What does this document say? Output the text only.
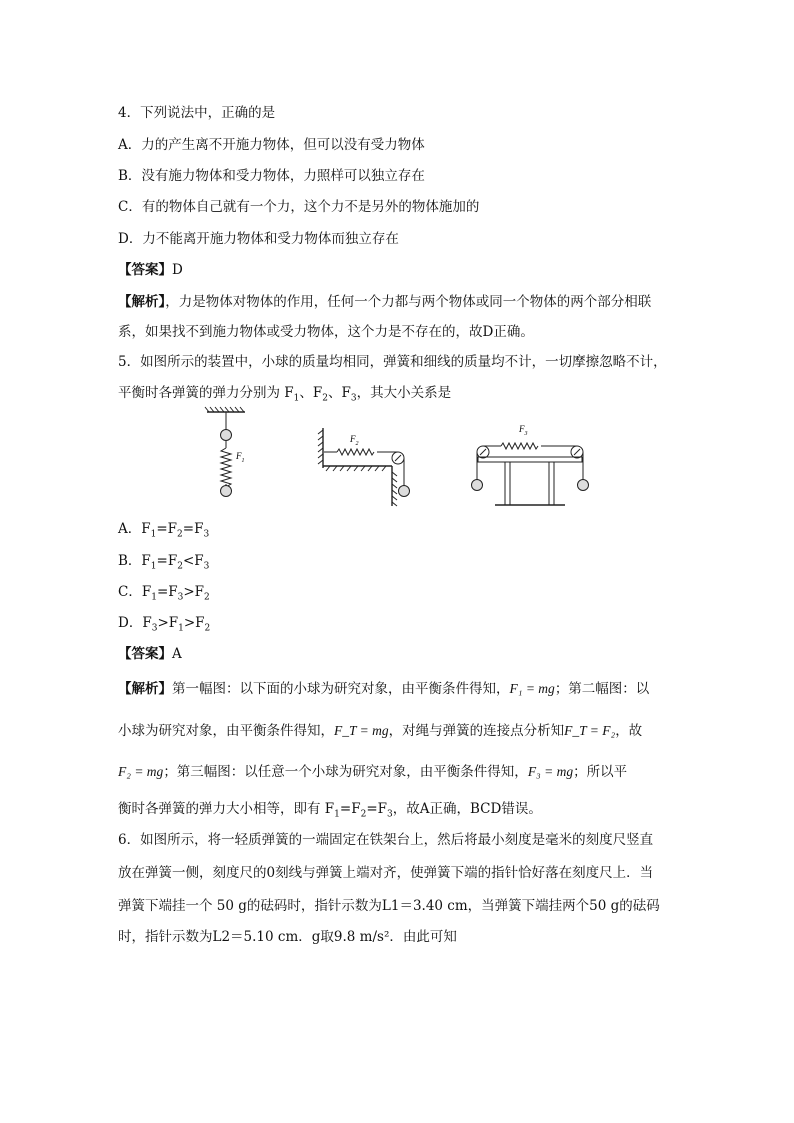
4．下列说法中，正确的是
A．力的产生离不开施力物体，但可以没有受力物体
B．没有施力物体和受力物体，力照样可以独立存在
C．有的物体自己就有一个力，这个力不是另外的物体施加的
D．力不能离开施力物体和受力物体而独立存在
【答案】D
【解析】，力是物体对物体的作用，任何一个力都与两个物体或同一个物体的两个部分相联
系，如果找不到施力物体或受力物体，这个力是不存在的，故D正确。
5．如图所示的装置中，小球的质量均相同，弹簧和细线的质量均不计，一切摩擦忽略不计，
平衡时各弹簧的弹力分别为 $F_1$、$F_2$、$F_3$，其大小关系是
$F_1$
$F_2$
$F_3$
A．$F_1=F_2=F_3$
B．$F_1=F_2<F_3$
C．$F_1=F_3>F_2$
D．$F_3>F_1>F_2$
【答案】A
【解析】第一幅图：以下面的小球为研究对象，由平衡条件得知，F₁ = mg；第二幅图：以
小球为研究对象，由平衡条件得知，F_T = mg，对绳与弹簧的连接点分析知F_T = F₂，故
F₂ = mg；第三幅图：以任意一个小球为研究对象，由平衡条件得知，F₃ = mg；所以平
衡时各弹簧的弹力大小相等，即有 $F_1=F_2=F_3$，故A正确，BCD错误。
6．如图所示，将一轻质弹簧的一端固定在铁架台上，然后将最小刻度是毫米的刻度尺竖直
放在弹簧一侧，刻度尺的0刻线与弹簧上端对齐，使弹簧下端的指针恰好落在刻度尺上．当
弹簧下端挂一个 50 g的砝码时，指针示数为L1＝3.40 cm，当弹簧下端挂两个50 g的砝码
时，指针示数为L2＝5.10 cm．g取9.8 m/s²．由此可知
